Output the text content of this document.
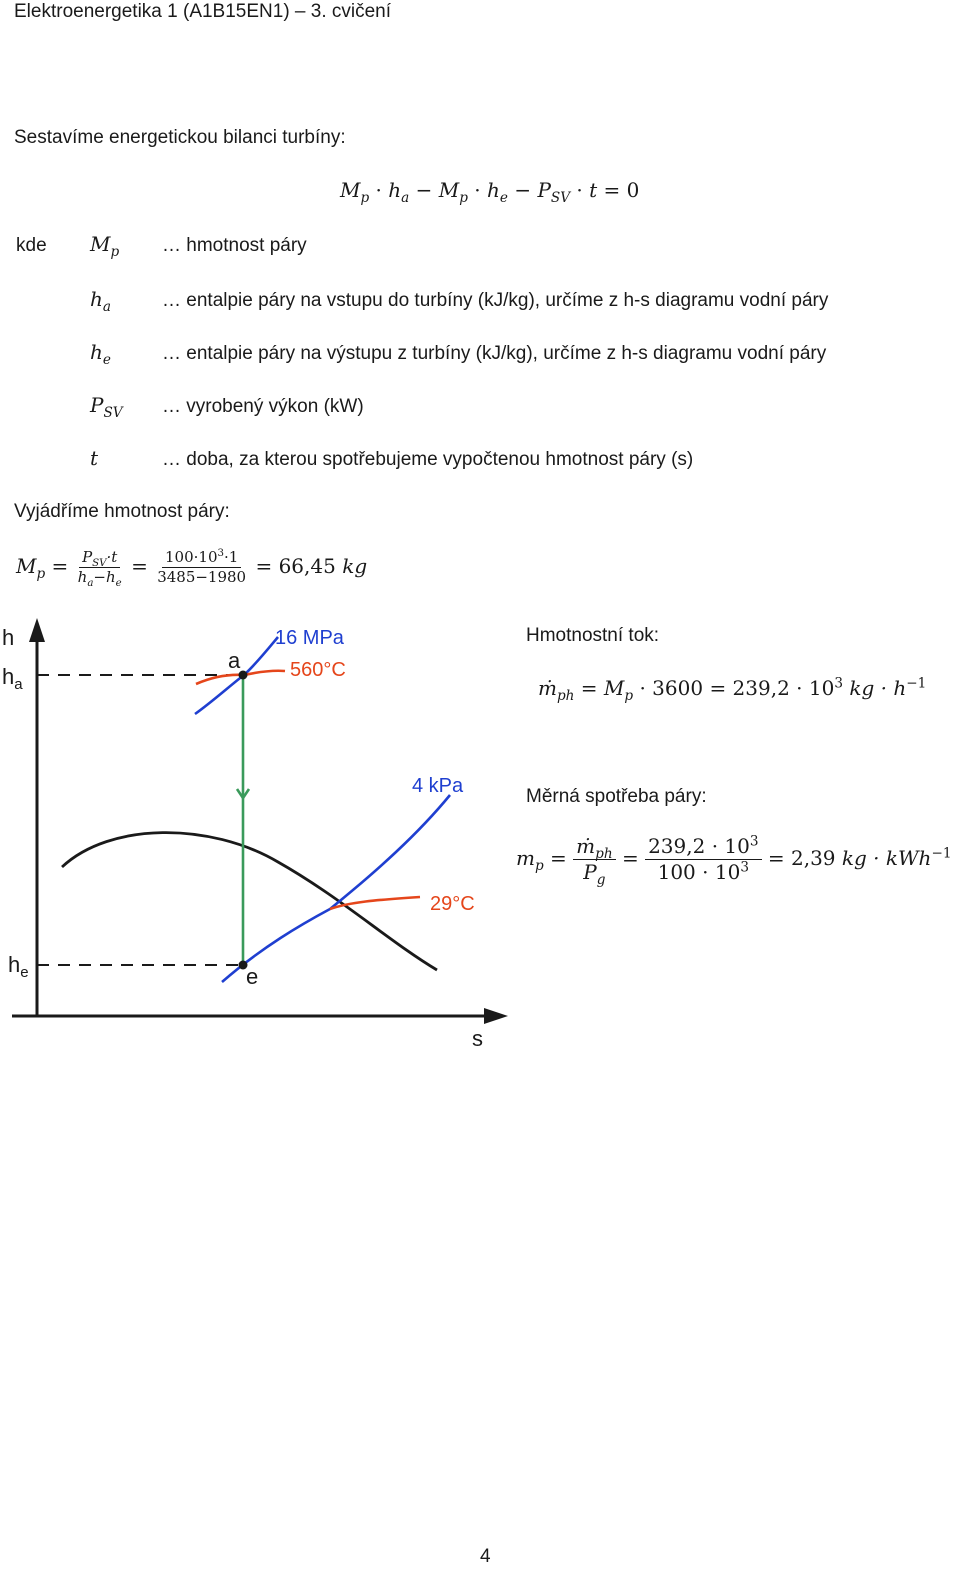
Elektroenergetika 1 (A1B15EN1) – 3. cvičení
Sestavíme energetickou bilanci turbíny:
$M_p \cdot h_a - M_p \cdot h_e - P_{SV} \cdot t = 0$
kde $M_p$ … hmotnost páry
$h_a$	… entalpie páry na vstupu do turbíny (kJ/kg), určíme z h-s diagramu vodní páry
$h_e$	… entalpie páry na výstupu z turbíny (kJ/kg), určíme z h-s diagramu vodní páry
$P_{SV}$ … vyrobený výkon (kW)
t	… doba, za kterou spotřebujeme vypočtenou hmotnost páry (s)
Vyjádříme hmotnost páry:
$M_p = \frac{P_{SV}\cdot t}{h_a-h_e} = \frac{100\cdot 10^3\cdot 1}{3485-1980} = 66,45$ kg
h
s
$h_a$
$h_e$
a
e
16 MPa
560°C
4 kPa
29°C
Hmotnostní tok:
ṁ$_{ph}$ = $M_p \cdot 3600 = 239,2 \cdot 10^3$ kg · $h^{-1}$
Měrná spotřeba páry:
$m_p = \frac{ṁ_{ph}}{P_g} = \frac{239,2 \cdot 10^3}{100 \cdot 10^3} = 2,39$ kg · kWh$^{-1}$
4
